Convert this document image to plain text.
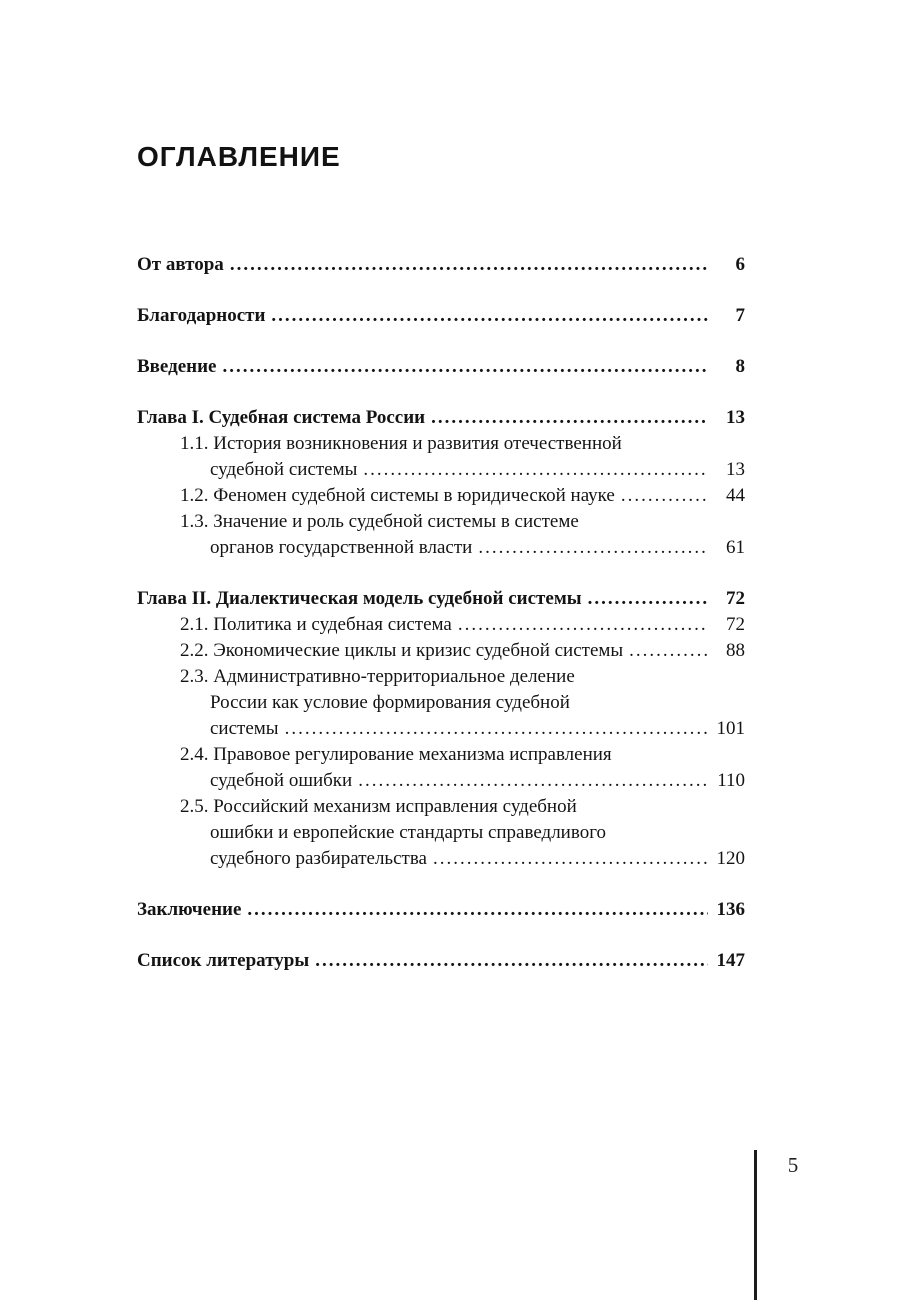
ОГЛАВЛЕНИЕ
От автора .....	6
Благодарности .....	7
Введение .....	8
Глава I. Судебная система России .....	13
1.1. История возникновения и развития отечественной
судебной системы .....	13
1.2. Феномен судебной системы в юридической науке .....	44
1.3. Значение и роль судебной системы в системе
органов государственной власти .....	61
Глава II. Диалектическая модель судебной системы .....	72
2.1. Политика и судебная система .....	72
2.2. Экономические циклы и кризис судебной системы .....	88
2.3. Административно-территориальное деление
России как условие формирования судебной
системы .....	101
2.4. Правовое регулирование механизма исправления
судебной ошибки .....	110
2.5. Российский механизм исправления судебной
ошибки и европейские стандарты справедливого
судебного разбирательства .....	120
Заключение .....	136
Список литературы .....	147
5
